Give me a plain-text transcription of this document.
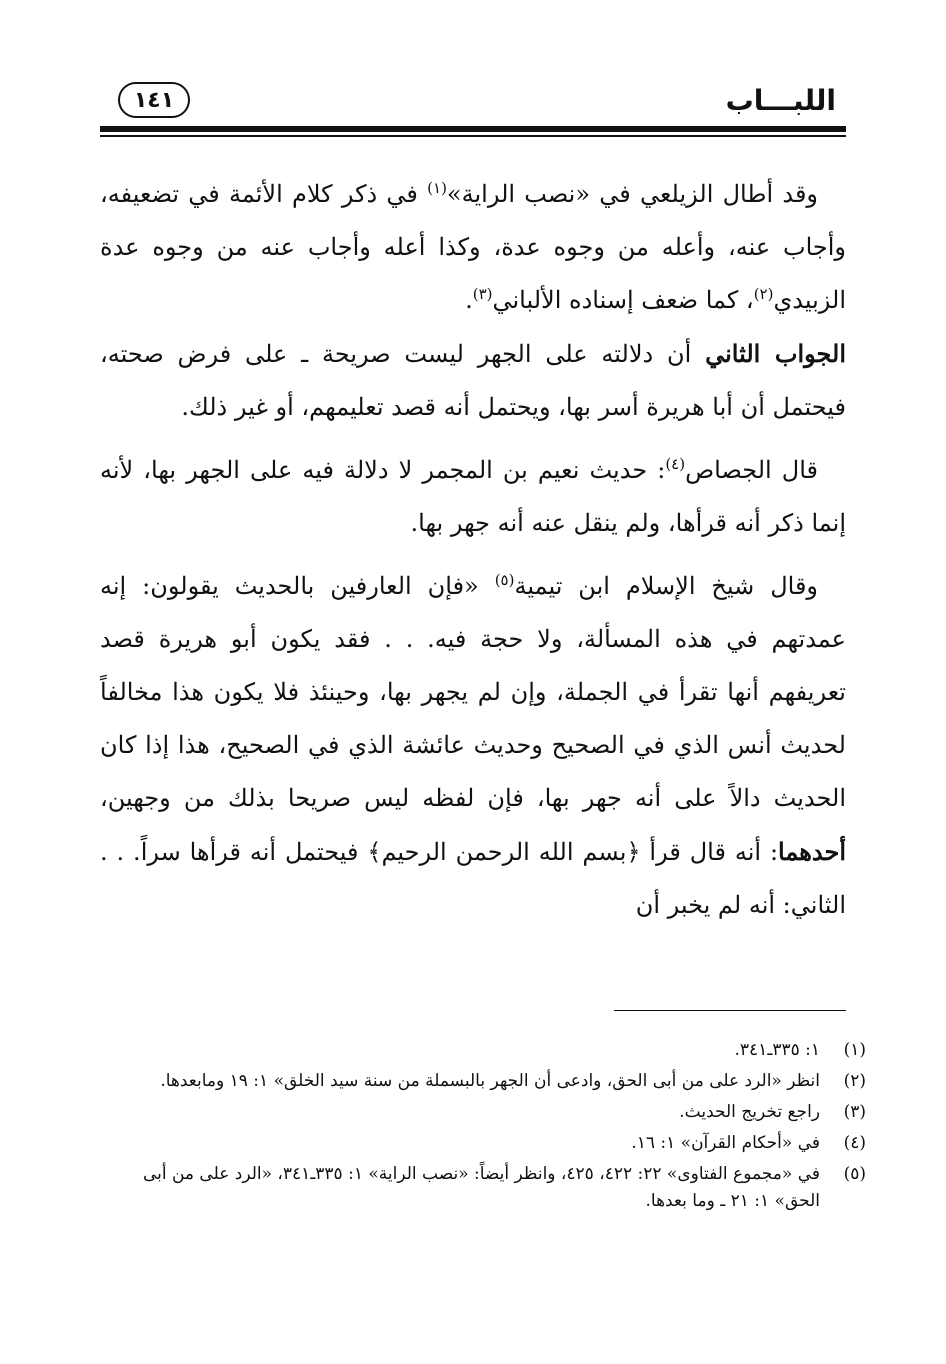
اللبـــاب
١٤١

وقد أطال الزيلعي في «نصب الراية»$^{(١)}$ في ذكر كلام الأئمة في تضعيفه، وأجاب عنه، وأعله من وجوه عدة، وكذا أعله وأجاب عنه من وجوه عدة الزبيدي$^{(٢)}$، كما ضعف إسناده الألباني$^{(٣)}$.

الجواب الثاني أن دلالته على الجهر ليست صريحة ـ على فرض صحته، فيحتمل أن أبا هريرة أسر بها، ويحتمل أنه قصد تعليمهم، أو غير ذلك.

قال الجصاص$^{(٤)}$: حديث نعيم بن المجمر لا دلالة فيه على الجهر بها، لأنه إنما ذكر أنه قرأها، ولم ينقل عنه أنه جهر بها.

وقال شيخ الإسلام ابن تيمية$^{(٥)}$ «فإن العارفين بالحديث يقولون: إنه عمدتهم في هذه المسألة، ولا حجة فيه. . . فقد يكون أبو هريرة قصد تعريفهم أنها تقرأ في الجملة، وإن لم يجهر بها، وحينئذ فلا يكون هذا مخالفاً لحديث أنس الذي في الصحيح وحديث عائشة الذي في الصحيح، هذا إذا كان الحديث دالاً على أنه جهر بها، فإن لفظه ليس صريحا بذلك من وجهين، أحدهما: أنه قال قرأ ﴿بسم الله الرحمن الرحيم﴾ فيحتمل أنه قرأها سراً. . . الثاني: أنه لم يخبر أن

(١)
١: ٣٣٥ـ٣٤١.
(٢)
انظر «الرد على من أبى الحق، وادعى أن الجهر بالبسملة من سنة سيد الخلق» ١: ١٩ ومابعدها.
(٣)
راجع تخريج الحديث.
(٤)
في «أحكام القرآن» ١: ١٦.
(٥)
في «مجموع الفتاوى» ٢٢: ٤٢٢، ٤٢٥، وانظر أيضاً: «نصب الراية» ١: ٣٣٥ـ٣٤١، «الرد على من أبى الحق» ١: ٢١ ـ وما بعدها.
